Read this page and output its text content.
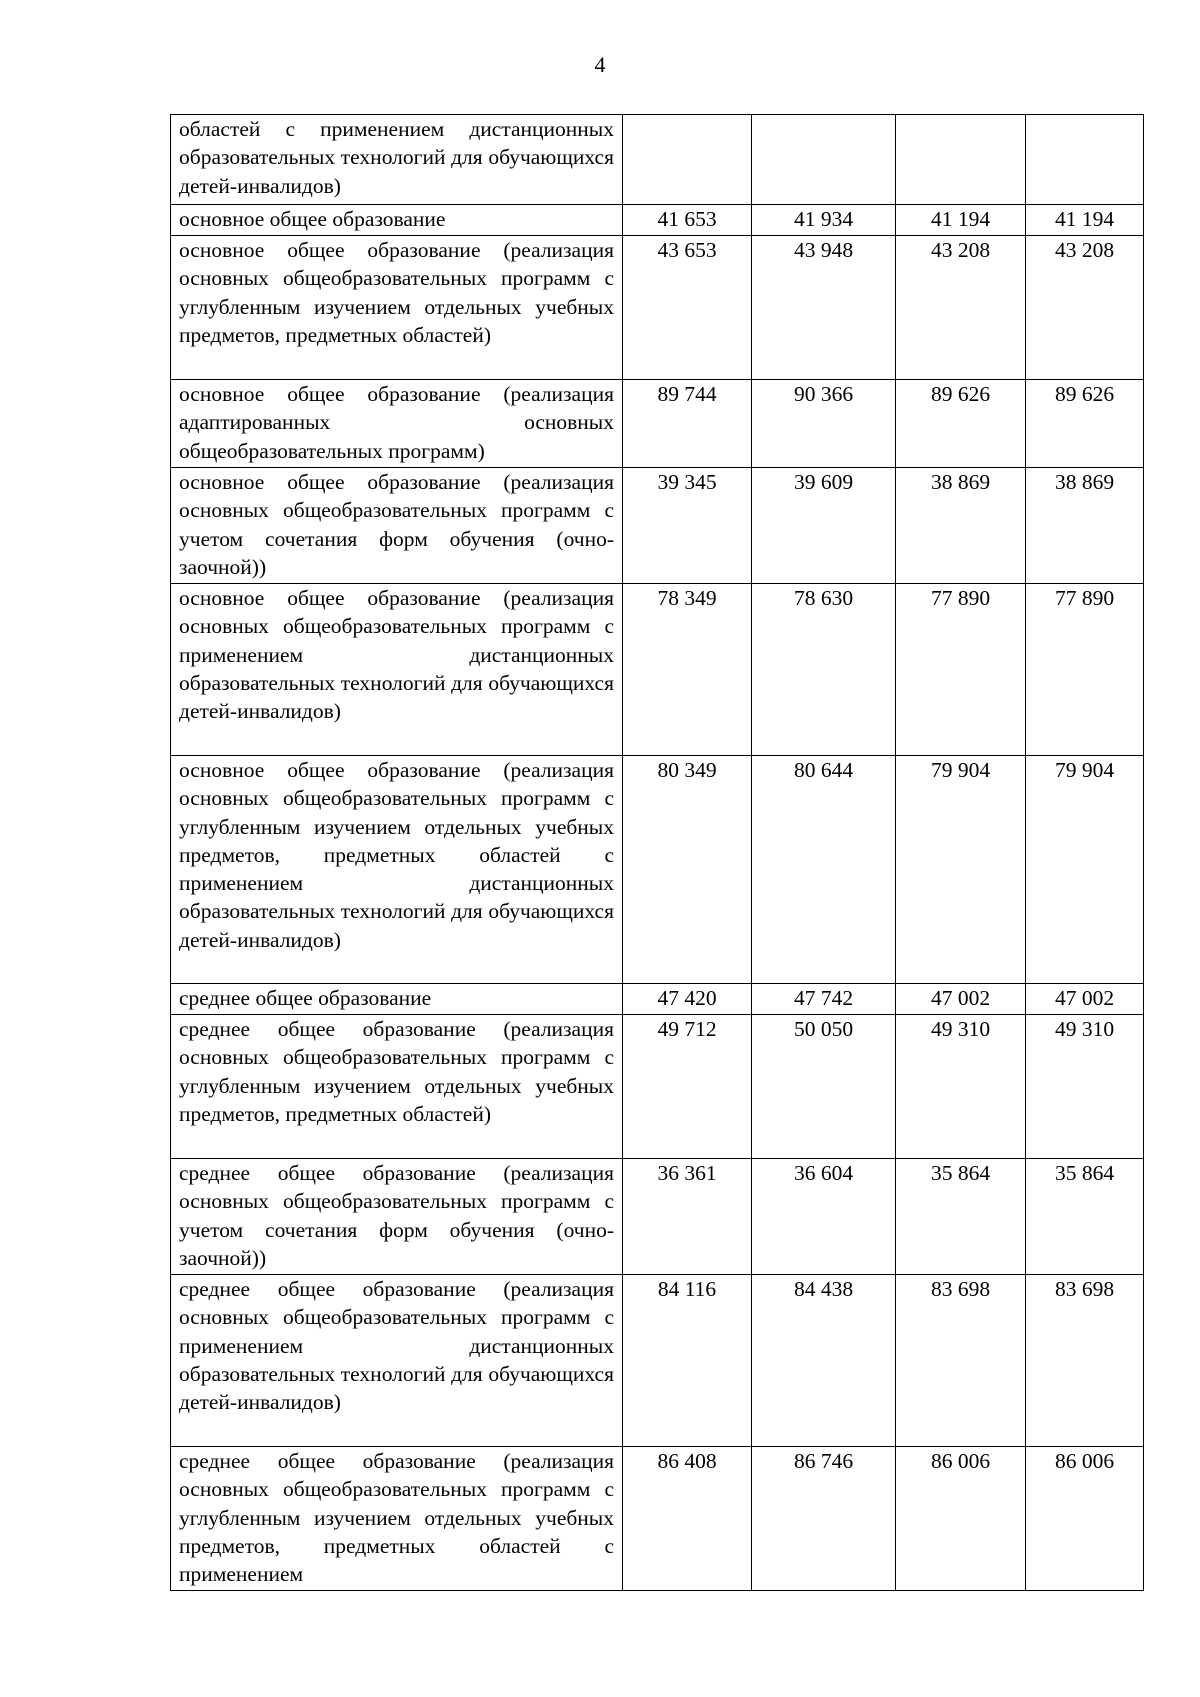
4
областей с применением дистанционных образовательных технологий для обучающихся детей-инвалидов)				
основное общее образование	41 653	41 934	41 194	41 194
основное общее образование (реализация основных общеобразовательных программ с углубленным изучением отдельных учебных предметов, предметных областей)	43 653	43 948	43 208	43 208
основное общее образование (реализация адаптированных основных общеобразовательных программ)	89 744	90 366	89 626	89 626
основное общее образование (реализация основных общеобразовательных программ с учетом сочетания форм обучения (очно-заочной))	39 345	39 609	38 869	38 869
основное общее образование (реализация основных общеобразовательных программ с применением дистанционных образовательных технологий для обучающихся детей-инвалидов)	78 349	78 630	77 890	77 890
основное общее образование (реализация основных общеобразовательных программ с углубленным изучением отдельных учебных предметов, предметных областей с применением дистанционных образовательных технологий для обучающихся детей-инвалидов)	80 349	80 644	79 904	79 904
среднее общее образование	47 420	47 742	47 002	47 002
среднее общее образование (реализация основных общеобразовательных программ с углубленным изучением отдельных учебных предметов, предметных областей)	49 712	50 050	49 310	49 310
среднее общее образование (реализация основных общеобразовательных программ с учетом сочетания форм обучения (очно-заочной))	36 361	36 604	35 864	35 864
среднее общее образование (реализация основных общеобразовательных программ с применением дистанционных образовательных технологий для обучающихся детей-инвалидов)	84 116	84 438	83 698	83 698
среднее общее образование (реализация основных общеобразовательных программ с углубленным изучением отдельных учебных предметов, предметных областей с применением	86 408	86 746	86 006	86 006
